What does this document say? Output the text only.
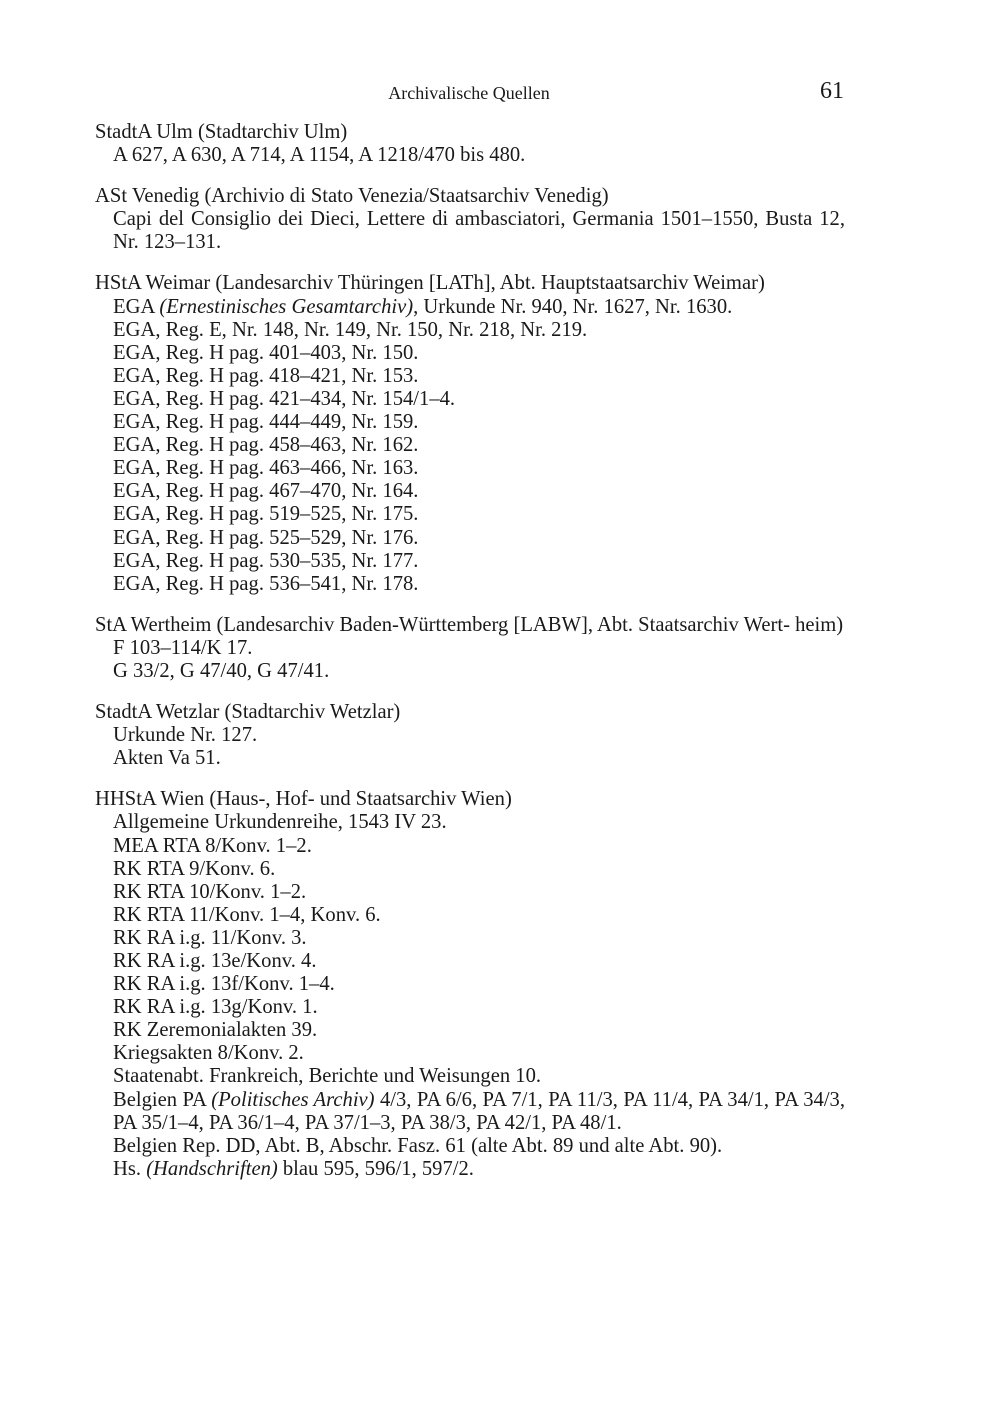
Archivalische Quellen	61
StadtA Ulm (Stadtarchiv Ulm)
A 627, A 630, A 714, A 1154, A 1218/470 bis 480.
ASt Venedig (Archivio di Stato Venezia/Staatsarchiv Venedig)
Capi del Consiglio dei Dieci, Lettere di ambasciatori, Germania 1501–1550, Busta 12, Nr. 123–131.
HStA Weimar (Landesarchiv Thüringen [LATh], Abt. Hauptstaatsarchiv Weimar)
EGA (Ernestinisches Gesamtarchiv), Urkunde Nr. 940, Nr. 1627, Nr. 1630.
EGA, Reg. E, Nr. 148, Nr. 149, Nr. 150, Nr. 218, Nr. 219.
EGA, Reg. H pag. 401–403, Nr. 150.
EGA, Reg. H pag. 418–421, Nr. 153.
EGA, Reg. H pag. 421–434, Nr. 154/1–4.
EGA, Reg. H pag. 444–449, Nr. 159.
EGA, Reg. H pag. 458–463, Nr. 162.
EGA, Reg. H pag. 463–466, Nr. 163.
EGA, Reg. H pag. 467–470, Nr. 164.
EGA, Reg. H pag. 519–525, Nr. 175.
EGA, Reg. H pag. 525–529, Nr. 176.
EGA, Reg. H pag. 530–535, Nr. 177.
EGA, Reg. H pag. 536–541, Nr. 178.
StA Wertheim (Landesarchiv Baden-Württemberg [LABW], Abt. Staatsarchiv Wert- heim)
F 103–114/K 17.
G 33/2, G 47/40, G 47/41.
StadtA Wetzlar (Stadtarchiv Wetzlar)
Urkunde Nr. 127.
Akten Va 51.
HHStA Wien (Haus-, Hof- und Staatsarchiv Wien)
Allgemeine Urkundenreihe, 1543 IV 23.
MEA RTA 8/Konv. 1–2.
RK RTA 9/Konv. 6.
RK RTA 10/Konv. 1–2.
RK RTA 11/Konv. 1–4, Konv. 6.
RK RA i.g. 11/Konv. 3.
RK RA i.g. 13e/Konv. 4.
RK RA i.g. 13f/Konv. 1–4.
RK RA i.g. 13g/Konv. 1.
RK Zeremonialakten 39.
Kriegsakten 8/Konv. 2.
Staatenabt. Frankreich, Berichte und Weisungen 10.
Belgien PA (Politisches Archiv) 4/3, PA 6/6, PA 7/1, PA 11/3, PA 11/4, PA 34/1, PA 34/3, PA 35/1–4, PA 36/1–4, PA 37/1–3, PA 38/3, PA 42/1, PA 48/1.
Belgien Rep. DD, Abt. B, Abschr. Fasz. 61 (alte Abt. 89 und alte Abt. 90).
Hs. (Handschriften) blau 595, 596/1, 597/2.
